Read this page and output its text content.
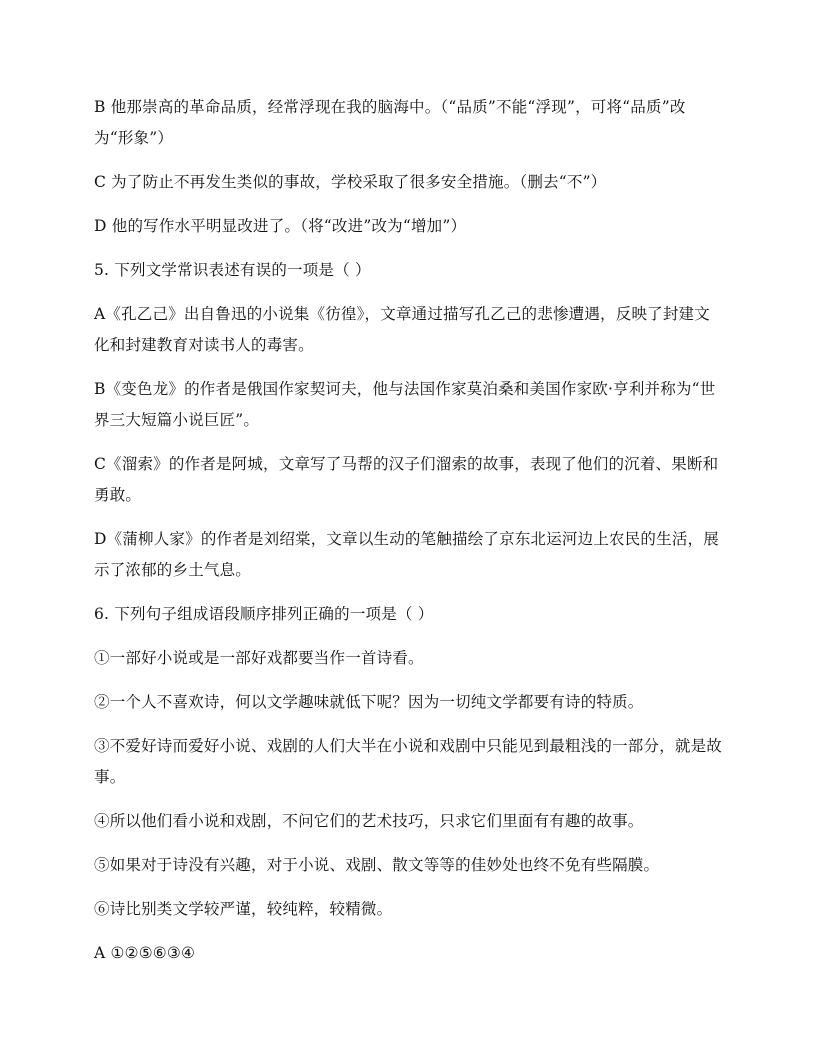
B 他那崇高的革命品质，经常浮现在我的脑海中。（“品质”不能“浮现”，可将“品质”改为“形象”）

C 为了防止不再发生类似的事故，学校采取了很多安全措施。（删去“不”）

D 他的写作水平明显改进了。（将“改进”改为“增加”）

5. 下列文学常识表述有误的一项是（ ）

A《孔乙己》出自鲁迅的小说集《彷徨》，文章通过描写孔乙己的悲惨遭遇，反映了封建文化和封建教育对读书人的毒害。

B《变色龙》的作者是俄国作家契诃夫，他与法国作家莫泊桑和美国作家欧·亨利并称为“世界三大短篇小说巨匠”。

C《溜索》的作者是阿城，文章写了马帮的汉子们溜索的故事，表现了他们的沉着、果断和勇敢。

D《蒲柳人家》的作者是刘绍棠，文章以生动的笔触描绘了京东北运河边上农民的生活，展示了浓郁的乡土气息。

6. 下列句子组成语段顺序排列正确的一项是（ ）

①一部好小说或是一部好戏都要当作一首诗看。

②一个人不喜欢诗，何以文学趣味就低下呢？因为一切纯文学都要有诗的特质。

③不爱好诗而爱好小说、戏剧的人们大半在小说和戏剧中只能见到最粗浅的一部分，就是故事。

④所以他们看小说和戏剧，不问它们的艺术技巧，只求它们里面有有趣的故事。

⑤如果对于诗没有兴趣，对于小说、戏剧、散文等等的佳妙处也终不免有些隔膜。

⑥诗比别类文学较严谨，较纯粹，较精微。

A ①②⑤⑥③④
